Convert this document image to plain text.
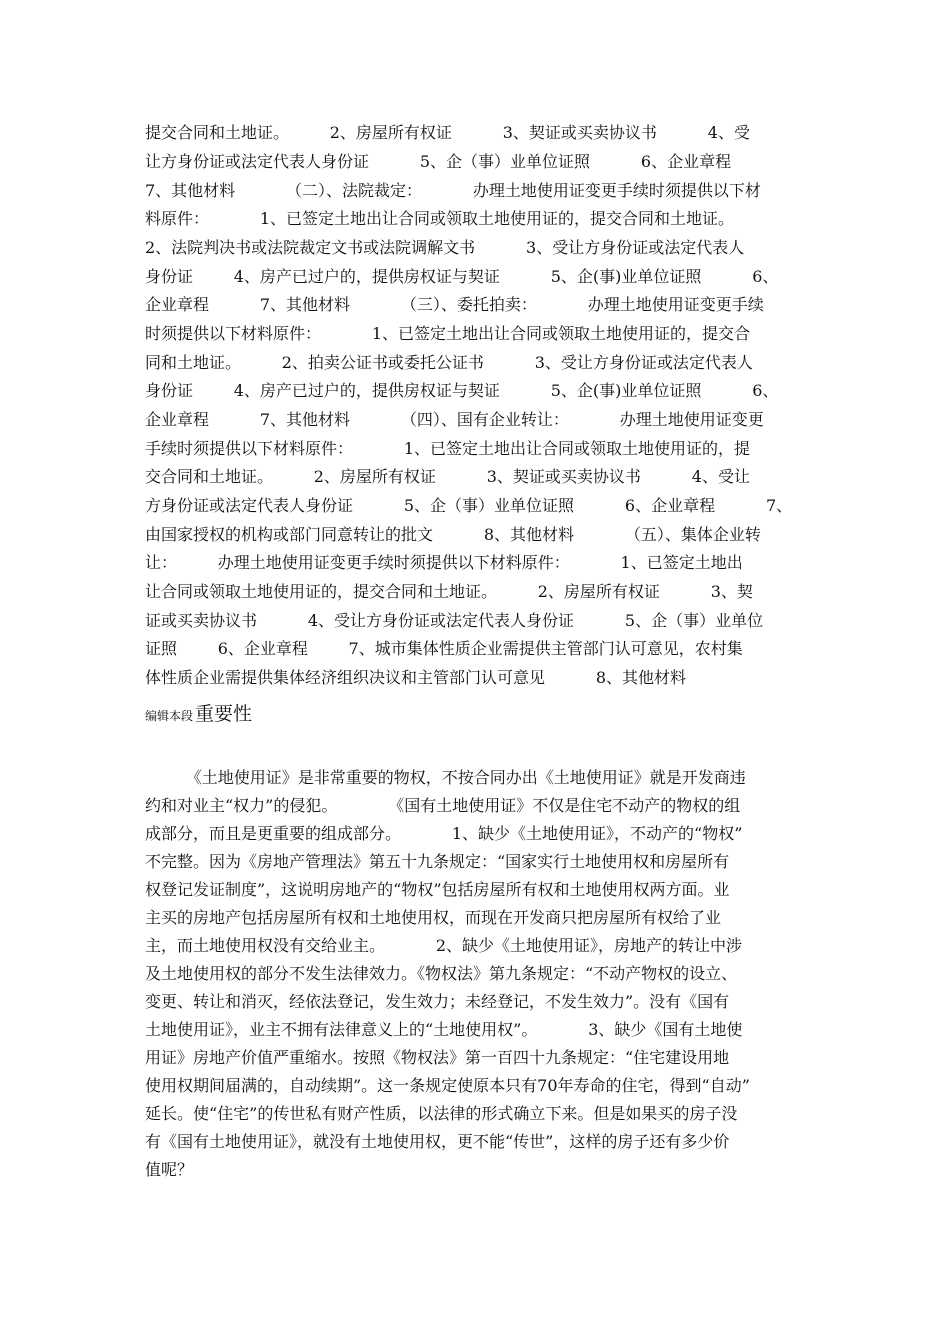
提交合同和土地证。        2、房屋所有权证          3、契证或买卖协议书          4、受
让方身份证或法定代表人身份证          5、企（事）业单位证照          6、企业章程
7、其他材料          （二）、法院裁定：          办理土地使用证变更手续时须提供以下材
料原件：          1、已签定土地出让合同或领取土地使用证的，提交合同和土地证。
2、法院判决书或法院裁定文书或法院调解文书          3、受让方身份证或法定代表人
身份证        4、房产已过户的，提供房权证与契证          5、企(事)业单位证照          6、
企业章程          7、其他材料          （三）、委托拍卖：          办理土地使用证变更手续
时须提供以下材料原件：          1、已签定土地出让合同或领取土地使用证的，提交合
同和土地证。        2、拍卖公证书或委托公证书          3、受让方身份证或法定代表人
身份证        4、房产已过户的，提供房权证与契证          5、企(事)业单位证照          6、
企业章程          7、其他材料          （四）、国有企业转让：          办理土地使用证变更
手续时须提供以下材料原件：          1、已签定土地出让合同或领取土地使用证的，提
交合同和土地证。        2、房屋所有权证          3、契证或买卖协议书          4、受让
方身份证或法定代表人身份证          5、企（事）业单位证照          6、企业章程          7、
由国家授权的机构或部门同意转让的批文          8、其他材料          （五）、集体企业转
让：        办理土地使用证变更手续时须提供以下材料原件：          1、已签定土地出
让合同或领取土地使用证的，提交合同和土地证。        2、房屋所有权证          3、契
证或买卖协议书          4、受让方身份证或法定代表人身份证          5、企（事）业单位
证照        6、企业章程        7、城市集体性质企业需提供主管部门认可意见，农村集
体性质企业需提供集体经济组织决议和主管部门认可意见          8、其他材料
编辑本段 重要性
《土地使用证》是非常重要的物权，不按合同办出《土地使用证》就是开发商违
约和对业主“权力”的侵犯。          《国有土地使用证》不仅是住宅不动产的物权的组
成部分，而且是更重要的组成部分。          1、缺少《土地使用证》，不动产的“物权”
不完整。因为《房地产管理法》第五十九条规定：“国家实行土地使用权和房屋所有
权登记发证制度”，这说明房地产的“物权”包括房屋所有权和土地使用权两方面。业
主买的房地产包括房屋所有权和土地使用权，而现在开发商只把房屋所有权给了业
主，而土地使用权没有交给业主。          2、缺少《土地使用证》，房地产的转让中涉
及土地使用权的部分不发生法律效力。《物权法》第九条规定：“不动产物权的设立、
变更、转让和消灭，经依法登记，发生效力；未经登记，不发生效力”。没有《国有
土地使用证》，业主不拥有法律意义上的“土地使用权”。          3、缺少《国有土地使
用证》房地产价值严重缩水。按照《物权法》第一百四十九条规定：“住宅建设用地
使用权期间届满的，自动续期”。这一条规定使原本只有70年寿命的住宅，得到“自动”
延长。使“住宅”的传世私有财产性质，以法律的形式确立下来。但是如果买的房子没
有《国有土地使用证》，就没有土地使用权，更不能“传世”，这样的房子还有多少价
值呢？
